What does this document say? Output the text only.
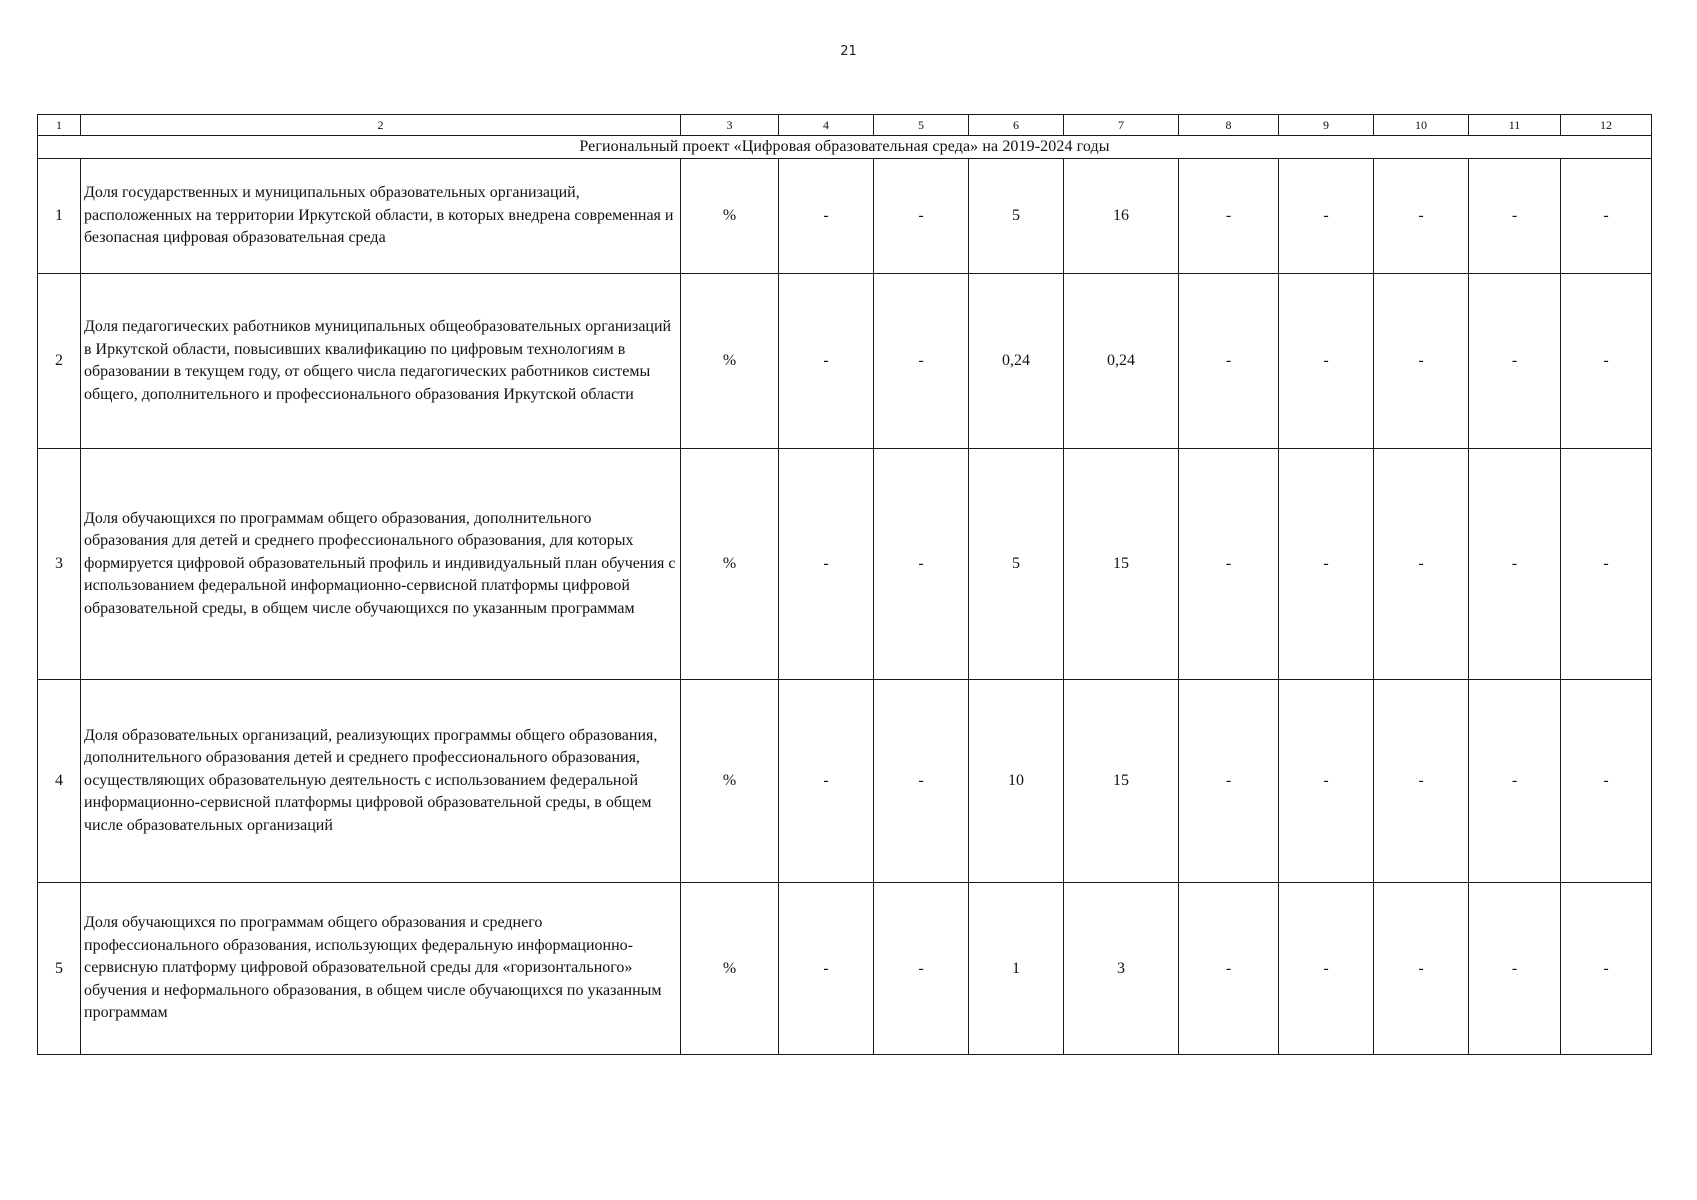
21
1	2	3	4	5	6	7	8	9	10	11	12
Региональный проект «Цифровая образовательная среда» на 2019-2024 годы											
1	Доля государственных и муниципальных образовательных организаций, расположенных на территории Иркутской области, в которых внедрена современная и безопасная цифровая образовательная среда	%	-	-	5	16	-	-	-	-	-
2	Доля педагогических работников муниципальных общеобразовательных организаций в Иркутской области, повысивших квалификацию по цифровым технологиям в образовании в текущем году, от общего числа педагогических работников системы общего, дополнительного и профессионального образования Иркутской области	%	-	-	0,24	0,24	-	-	-	-	-
3	Доля обучающихся по программам общего образования, дополнительного образования для детей и среднего профессионального образования, для которых формируется цифровой образовательный профиль и индивидуальный план обучения с использованием федеральной информационно-сервисной платформы цифровой образовательной среды, в общем числе обучающихся по указанным программам	%	-	-	5	15	-	-	-	-	-
4	Доля образовательных организаций, реализующих программы общего образования, дополнительного образования детей и среднего профессионального образования, осуществляющих образовательную деятельность с использованием федеральной информационно-сервисной платформы цифровой образовательной среды, в общем числе образовательных организаций	%	-	-	10	15	-	-	-	-	-
5	Доля обучающихся по программам общего образования и среднего профессионального образования, использующих федеральную информационно-сервисную платформу цифровой образовательной среды для «горизонтального» обучения и неформального образования, в общем числе обучающихся по указанным программам	%	-	-	1	3	-	-	-	-	-
